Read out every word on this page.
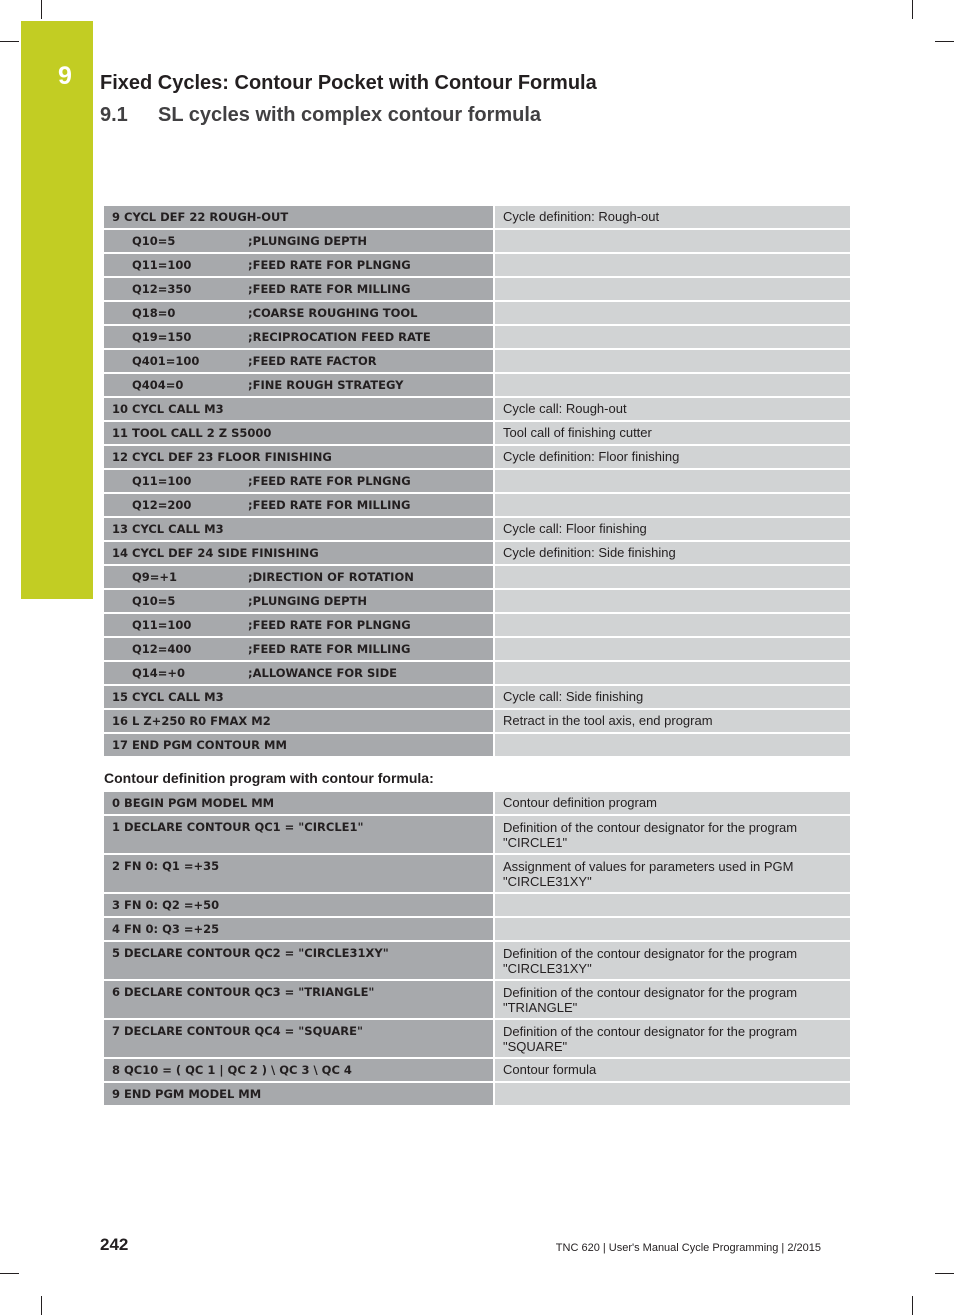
9	Fixed Cycles: Contour Pocket with Contour Formula
9.1 SL cycles with complex contour formula
9 CYCL DEF 22 ROUGH-OUT	Cycle definition: Rough-out
Q10=5 ;PLUNGING DEPTH	
Q11=100 ;FEED RATE FOR PLNGNG	
Q12=350 ;FEED RATE FOR MILLING	
Q18=0 ;COARSE ROUGHING TOOL	
Q19=150 ;RECIPROCATION FEED RATE	
Q401=100 ;FEED RATE FACTOR	
Q404=0 ;FINE ROUGH STRATEGY	
10 CYCL CALL M3	Cycle call: Rough-out
11 TOOL CALL 2 Z S5000	Tool call of finishing cutter
12 CYCL DEF 23 FLOOR FINISHING	Cycle definition: Floor finishing
Q11=100 ;FEED RATE FOR PLNGNG	
Q12=200 ;FEED RATE FOR MILLING	
13 CYCL CALL M3	Cycle call: Floor finishing
14 CYCL DEF 24 SIDE FINISHING	Cycle definition: Side finishing
Q9=+1 ;DIRECTION OF ROTATION	
Q10=5 ;PLUNGING DEPTH	
Q11=100 ;FEED RATE FOR PLNGNG	
Q12=400 ;FEED RATE FOR MILLING	
Q14=+0 ;ALLOWANCE FOR SIDE	
15 CYCL CALL M3	Cycle call: Side finishing
16 L Z+250 R0 FMAX M2	Retract in the tool axis, end program
17 END PGM CONTOUR MM	
Contour definition program with contour formula:
0 BEGIN PGM MODEL MM	Contour definition program
1 DECLARE CONTOUR QC1 = "CIRCLE1"	Definition of the contour designator for the program "CIRCLE1"
2 FN 0: Q1 =+35	Assignment of values for parameters used in PGM "CIRCLE31XY"
3 FN 0: Q2 =+50	
4 FN 0: Q3 =+25	
5 DECLARE CONTOUR QC2 = "CIRCLE31XY"	Definition of the contour designator for the program "CIRCLE31XY"
6 DECLARE CONTOUR QC3 = "TRIANGLE"	Definition of the contour designator for the program "TRIANGLE"
7 DECLARE CONTOUR QC4 = "SQUARE"	Definition of the contour designator for the program "SQUARE"
8 QC10 = ( QC 1 | QC 2 ) \ QC 3 \ QC 4	Contour formula
9 END PGM MODEL MM	
242	TNC 620 | User's Manual Cycle Programming | 2/2015
